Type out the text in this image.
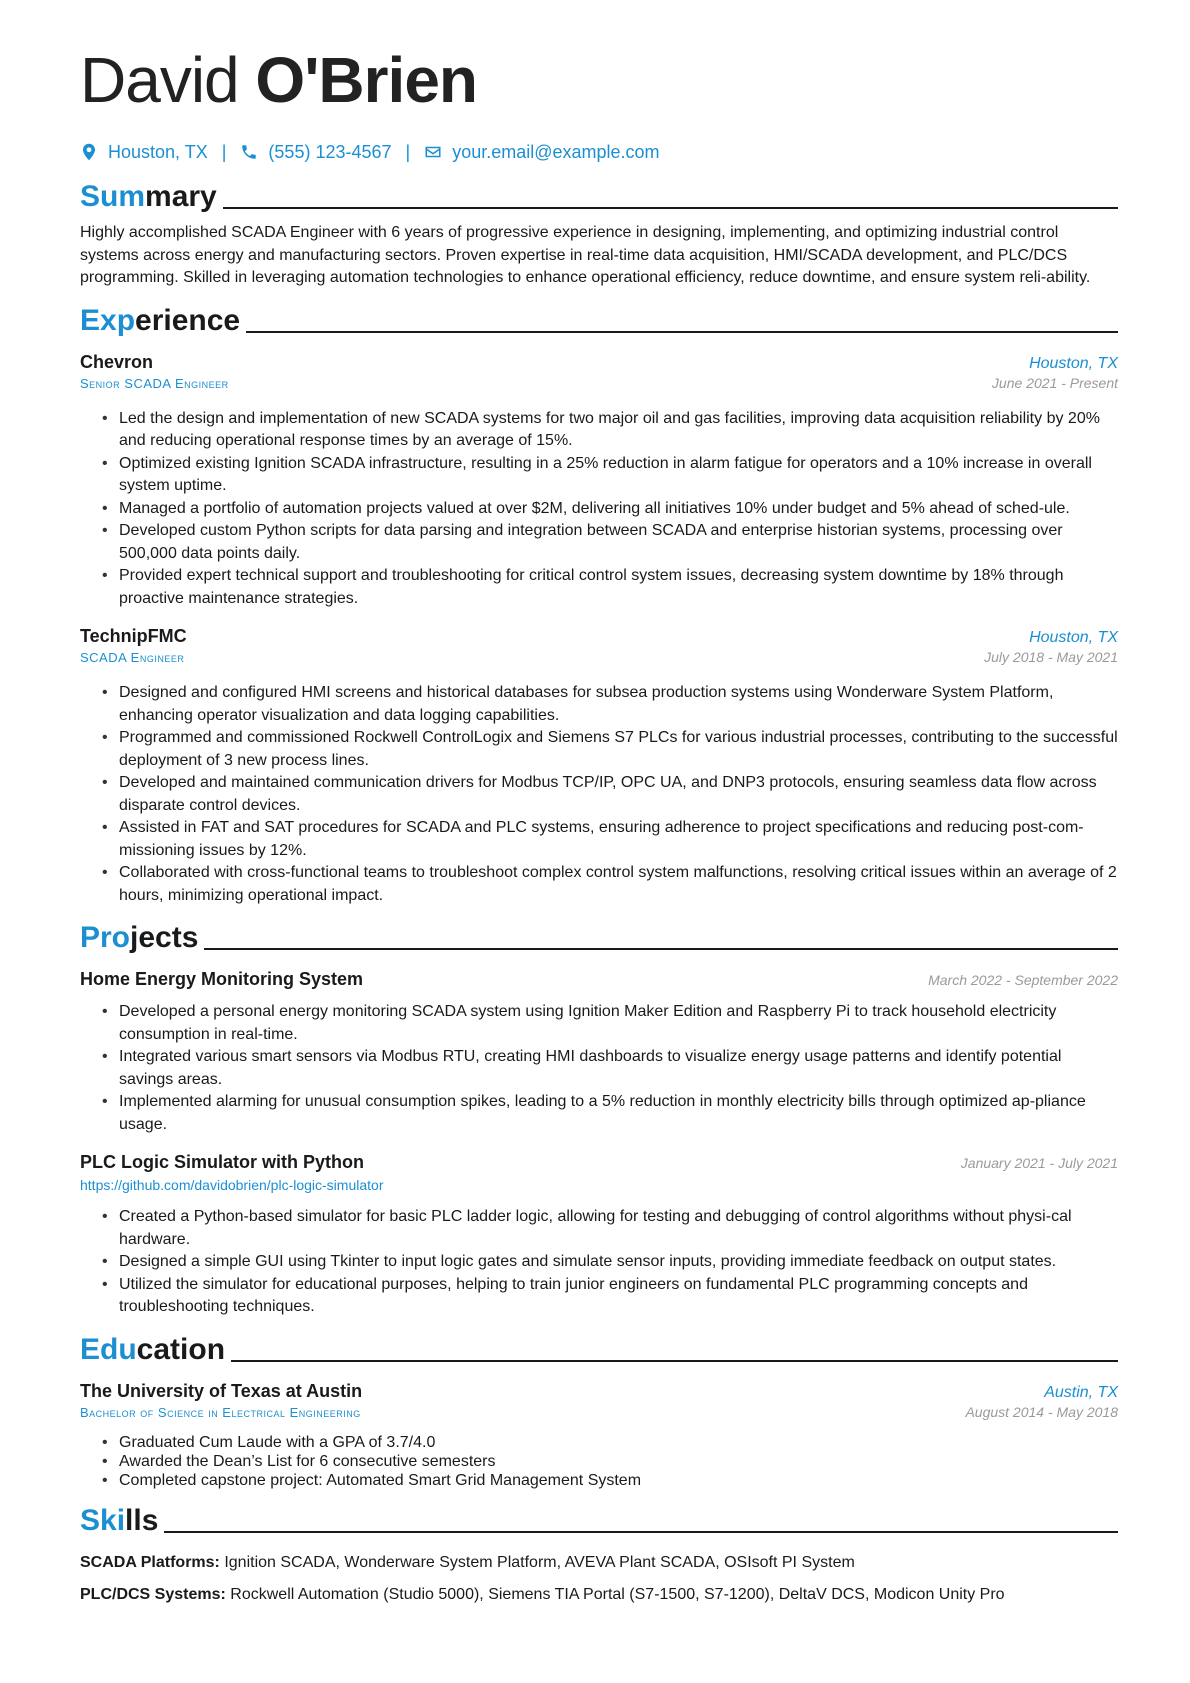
David O'Brien
Houston, TX | (555) 123-4567 | your.email@example.com
Summary

Highly accomplished SCADA Engineer with 6 years of progressive experience in designing, implementing, and optimizing industrial control systems across energy and manufacturing sectors. Proven expertise in real-time data acquisition, HMI/SCADA development, and PLC/DCS programming. Skilled in leveraging automation technologies to enhance operational efficiency, reduce downtime, and ensure system reli-ability.

Experience
Chevron	Houston, TX
Senior SCADA Engineer	June 2021 - Present
• Led the design and implementation of new SCADA systems for two major oil and gas facilities, improving data acquisition reliability by 20% and reducing operational response times by an average of 15%.
• Optimized existing Ignition SCADA infrastructure, resulting in a 25% reduction in alarm fatigue for operators and a 10% increase in overall system uptime.
• Managed a portfolio of automation projects valued at over $2M, delivering all initiatives 10% under budget and 5% ahead of sched-ule.
• Developed custom Python scripts for data parsing and integration between SCADA and enterprise historian systems, processing over 500,000 data points daily.
• Provided expert technical support and troubleshooting for critical control system issues, decreasing system downtime by 18% through proactive maintenance strategies.
TechnipFMC	Houston, TX
SCADA Engineer	July 2018 - May 2021
• Designed and configured HMI screens and historical databases for subsea production systems using Wonderware System Platform, enhancing operator visualization and data logging capabilities.
• Programmed and commissioned Rockwell ControlLogix and Siemens S7 PLCs for various industrial processes, contributing to the successful deployment of 3 new process lines.
• Developed and maintained communication drivers for Modbus TCP/IP, OPC UA, and DNP3 protocols, ensuring seamless data flow across disparate control devices.
• Assisted in FAT and SAT procedures for SCADA and PLC systems, ensuring adherence to project specifications and reducing post-com-missioning issues by 12%.
• Collaborated with cross-functional teams to troubleshoot complex control system malfunctions, resolving critical issues within an average of 2 hours, minimizing operational impact.
Projects
Home Energy Monitoring System	March 2022 - September 2022
• Developed a personal energy monitoring SCADA system using Ignition Maker Edition and Raspberry Pi to track household electricity consumption in real-time.
• Integrated various smart sensors via Modbus RTU, creating HMI dashboards to visualize energy usage patterns and identify potential savings areas.
• Implemented alarming for unusual consumption spikes, leading to a 5% reduction in monthly electricity bills through optimized ap-pliance usage.
PLC Logic Simulator with Python	January 2021 - July 2021
https://github.com/davidobrien/plc-logic-simulator
• Created a Python-based simulator for basic PLC ladder logic, allowing for testing and debugging of control algorithms without physi-cal hardware.
• Designed a simple GUI using Tkinter to input logic gates and simulate sensor inputs, providing immediate feedback on output states.
• Utilized the simulator for educational purposes, helping to train junior engineers on fundamental PLC programming concepts and troubleshooting techniques.
Education
The University of Texas at Austin	Austin, TX
Bachelor of Science in Electrical Engineering	August 2014 - May 2018
• Graduated Cum Laude with a GPA of 3.7/4.0
• Awarded the Dean’s List for 6 consecutive semesters
• Completed capstone project: Automated Smart Grid Management System
Skills

SCADA Platforms: Ignition SCADA, Wonderware System Platform, AVEVA Plant SCADA, OSIsoft PI System

PLC/DCS Systems: Rockwell Automation (Studio 5000), Siemens TIA Portal (S7-1500, S7-1200), DeltaV DCS, Modicon Unity Pro
